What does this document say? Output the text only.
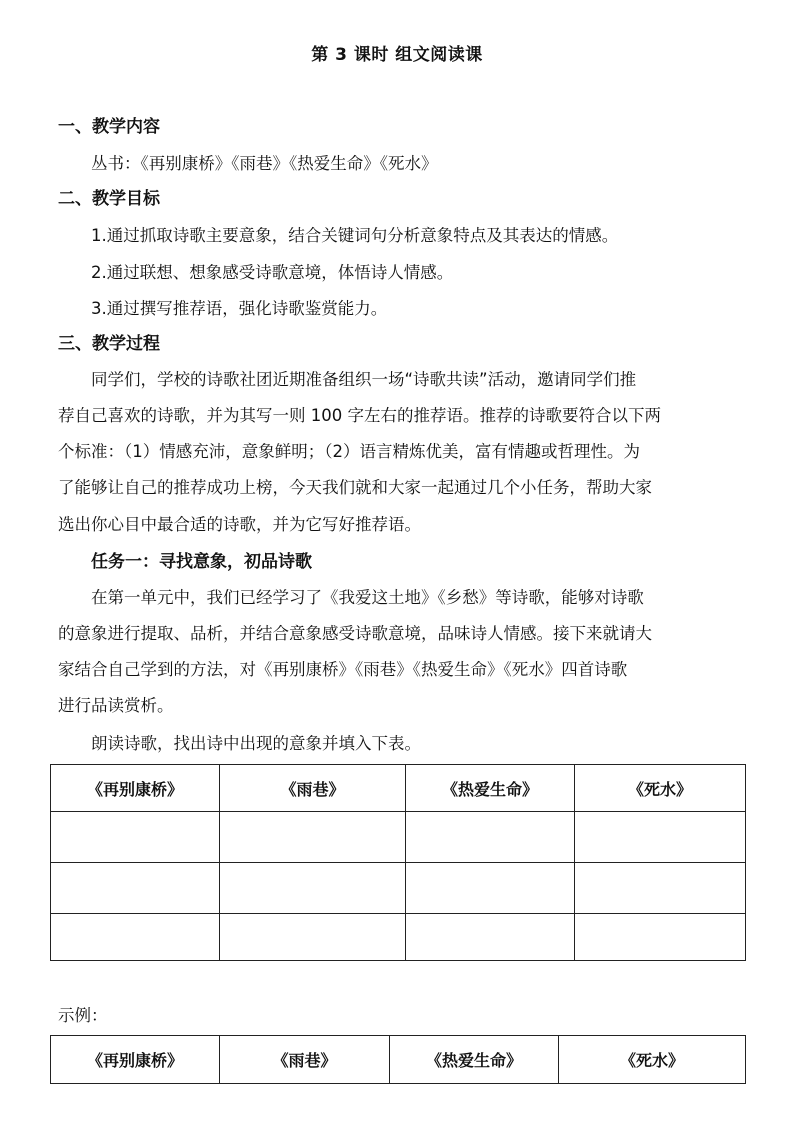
第 3 课时 组文阅读课
一、教学内容
丛书：《再别康桥》《雨巷》《热爱生命》《死水》
二、教学目标
1.通过抓取诗歌主要意象，结合关键词句分析意象特点及其表达的情感。
2.通过联想、想象感受诗歌意境，体悟诗人情感。
3.通过撰写推荐语，强化诗歌鉴赏能力。
三、教学过程
同学们，学校的诗歌社团近期准备组织一场“诗歌共读”活动，邀请同学们推
荐自己喜欢的诗歌，并为其写一则 100 字左右的推荐语。推荐的诗歌要符合以下两
个标准：（1）情感充沛，意象鲜明；（2）语言精炼优美，富有情趣或哲理性。为
了能够让自己的推荐成功上榜，今天我们就和大家一起通过几个小任务，帮助大家
选出你心目中最合适的诗歌，并为它写好推荐语。
任务一：寻找意象，初品诗歌
在第一单元中，我们已经学习了《我爱这土地》《乡愁》等诗歌，能够对诗歌
的意象进行提取、品析，并结合意象感受诗歌意境，品味诗人情感。接下来就请大
家结合自己学到的方法，对《再别康桥》《雨巷》《热爱生命》《死水》四首诗歌
进行品读赏析。
朗读诗歌，找出诗中出现的意象并填入下表。
《再别康桥》	《雨巷》	《热爱生命》	《死水》

示例：
《再别康桥》	《雨巷》	《热爱生命》	《死水》
